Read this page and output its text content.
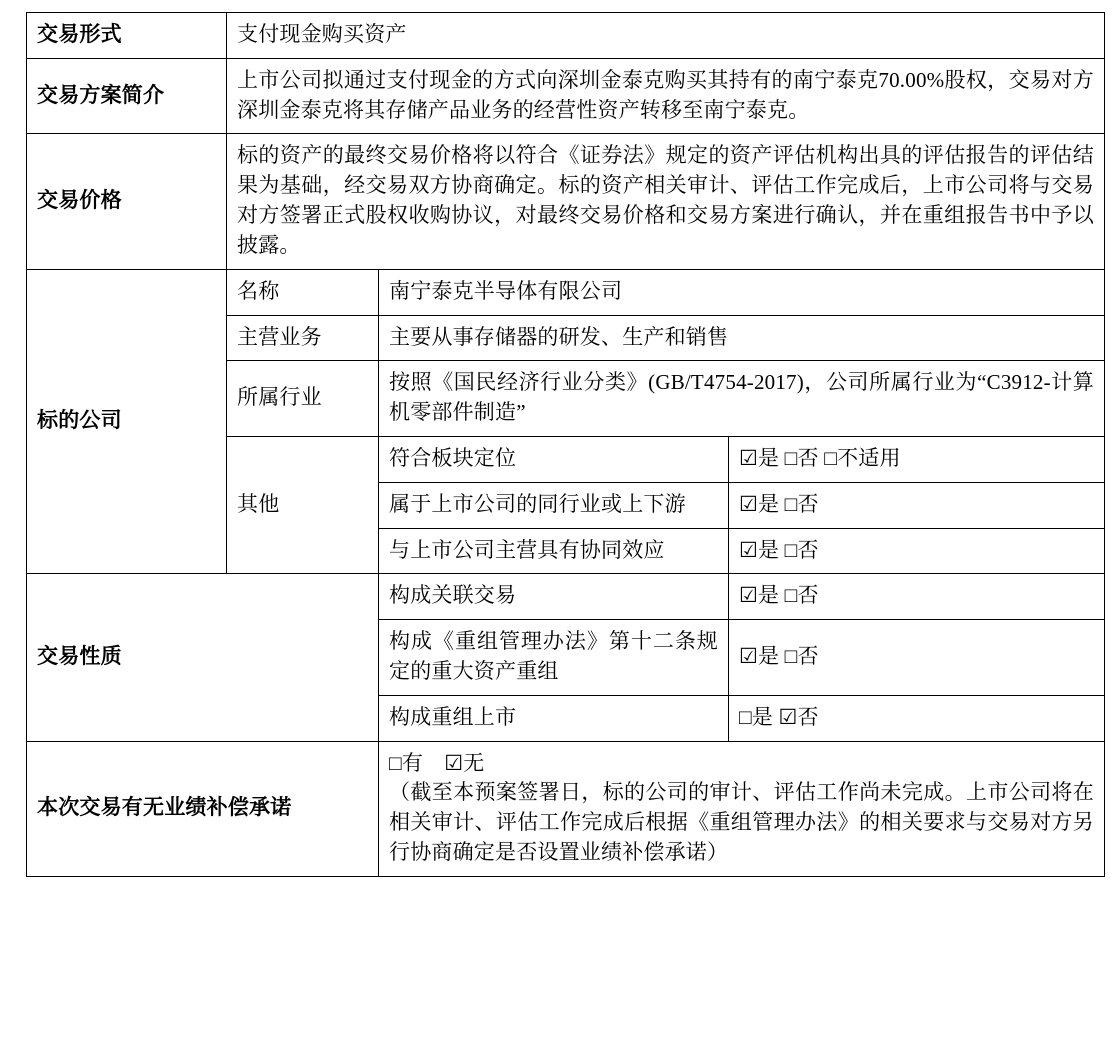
交易形式	支付现金购买资产		
交易方案简介	上市公司拟通过支付现金的方式向深圳金泰克购买其持有的南宁泰克70.00%股权，交易对方深圳金泰克将其存储产品业务的经营性资产转移至南宁泰克。		
交易价格	标的资产的最终交易价格将以符合《证券法》规定的资产评估机构出具的评估报告的评估结果为基础，经交易双方协商确定。标的资产相关审计、评估工作完成后，上市公司将与交易对方签署正式股权收购协议，对最终交易价格和交易方案进行确认，并在重组报告书中予以披露。		
标的公司	名称	南宁泰克半导体有限公司	
	主营业务	主要从事存储器的研发、生产和销售	
	所属行业	按照《国民经济行业分类》(GB/T4754-2017)，公司所属行业为“C3912-计算机零部件制造”	
	其他	符合板块定位	☑是 □否 □不适用
		属于上市公司的同行业或上下游	☑是 □否
		与上市公司主营具有协同效应	☑是 □否
交易性质		构成关联交易	☑是 □否
		构成《重组管理办法》第十二条规定的重大资产重组	☑是 □否
		构成重组上市	□是 ☑否
本次交易有无业绩补偿承诺		□有　☑无

（截至本预案签署日，标的公司的审计、评估工作尚未完成。上市公司将在相关审计、评估工作完成后根据《重组管理办法》的相关要求与交易对方另行协商确定是否设置业绩补偿承诺）	
